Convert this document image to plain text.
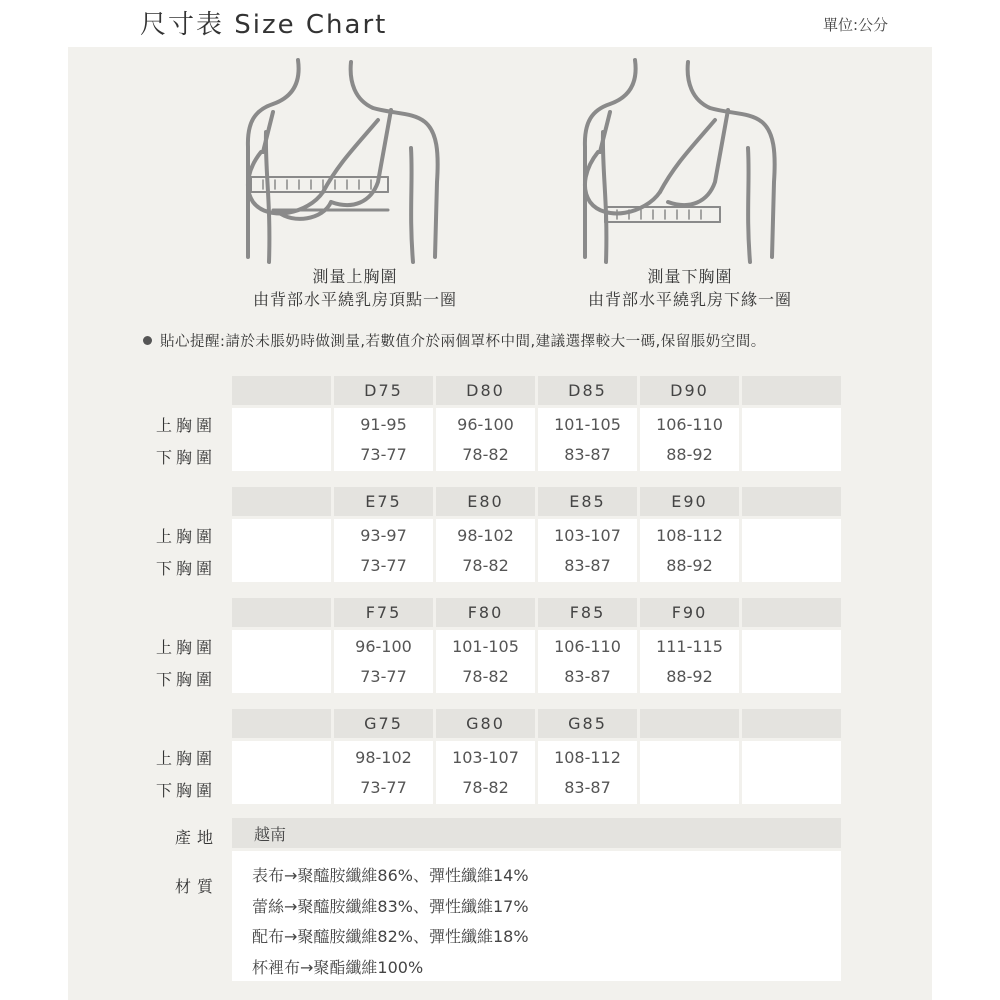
尺寸表 Size Chart	單位:公分
測量上胸圍
由背部水平繞乳房頂點一圈
測量下胸圍
由背部水平繞乳房下緣一圈
貼心提醒:請於未脹奶時做測量,若數值介於兩個罩杯中間,建議選擇較大一碼,保留脹奶空間。
上胸圍
下胸圍
D75
91-95
73-77
D80
96-100
78-82
D85
101-105
83-87
D90
106-110
88-92
上胸圍
下胸圍
E75
93-97
73-77
E80
98-102
78-82
E85
103-107
83-87
E90
108-112
88-92
上胸圍
下胸圍
F75
96-100
73-77
F80
101-105
78-82
F85
106-110
83-87
F90
111-115
88-92
上胸圍
下胸圍
G75
98-102
73-77
G80
103-107
78-82
G85
108-112
83-87
產地	越南
材質
表布→聚醯胺纖維86%、彈性纖維14%
蕾絲→聚醯胺纖維83%、彈性纖維17%
配布→聚醯胺纖維82%、彈性纖維18%
杯裡布→聚酯纖維100%
